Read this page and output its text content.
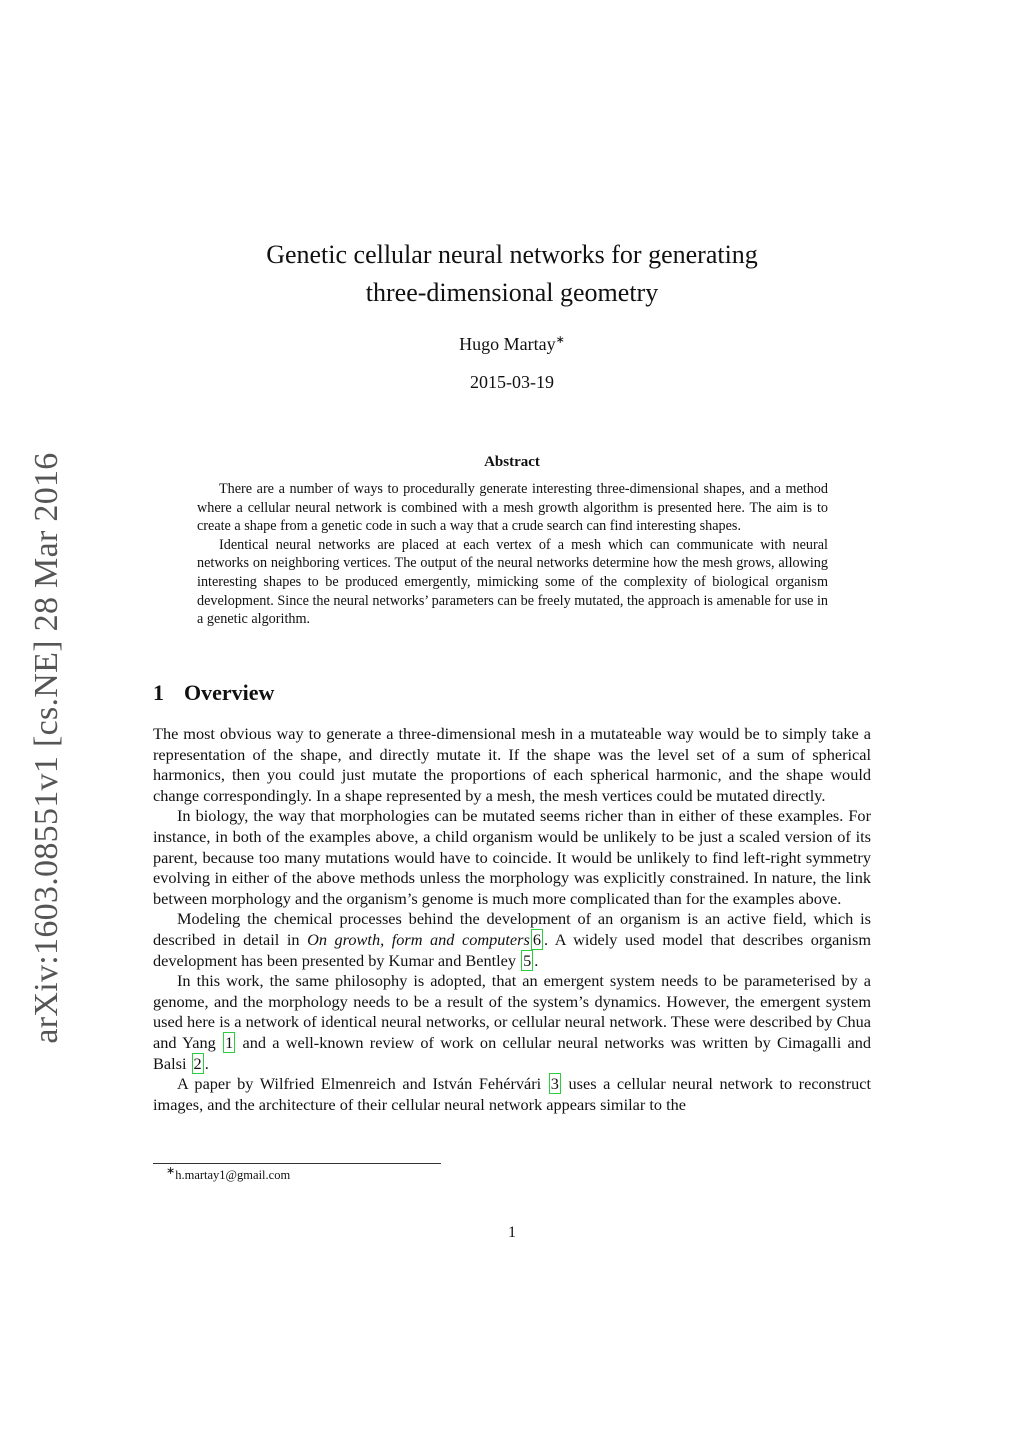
arXiv:1603.08551v1 [cs.NE] 28 Mar 2016
Genetic cellular neural networks for generating
three-dimensional geometry
Hugo Martay∗
2015-03-19
Abstract

There are a number of ways to procedurally generate interesting three-dimensional shapes, and a method where a cellular neural network is combined with a mesh growth algorithm is presented here. The aim is to create a shape from a genetic code in such a way that a crude search can find interesting shapes.

Identical neural networks are placed at each vertex of a mesh which can communicate with neural networks on neighboring vertices. The output of the neural networks determine how the mesh grows, allowing interesting shapes to be produced emergently, mimicking some of the complexity of biological organism development. Since the neural networks’ parameters can be freely mutated, the approach is amenable for use in a genetic algorithm.

1 Overview

The most obvious way to generate a three-dimensional mesh in a mutateable way would be to simply take a representation of the shape, and directly mutate it. If the shape was the level set of a sum of spherical harmonics, then you could just mutate the proportions of each spherical harmonic, and the shape would change correspondingly. In a shape represented by a mesh, the mesh vertices could be mutated directly.

In biology, the way that morphologies can be mutated seems richer than in either of these examples. For instance, in both of the examples above, a child organism would be unlikely to be just a scaled version of its parent, because too many mutations would have to coincide. It would be unlikely to find left-right symmetry evolving in either of the above methods unless the morphology was explicitly constrained. In nature, the link between morphology and the organism’s genome is much more complicated than for the examples above.

Modeling the chemical processes behind the development of an organism is an active field, which is described in detail in On growth, form and computers 6 . A widely used model that describes organism development has been presented by Kumar and Bentley 5 .

In this work, the same philosophy is adopted, that an emergent system needs to be parameterised by a genome, and the morphology needs to be a result of the system’s dynamics. However, the emergent system used here is a network of identical neural networks, or cellular neural network. These were described by Chua and Yang 1 and a well-known review of work on cellular neural networks was written by Cimagalli and Balsi 2 .

A paper by Wilfried Elmenreich and István Fehérvári 3 uses a cellular neural network to reconstruct images, and the architecture of their cellular neural network appears similar to the

∗h.martay1@gmail.com
1
